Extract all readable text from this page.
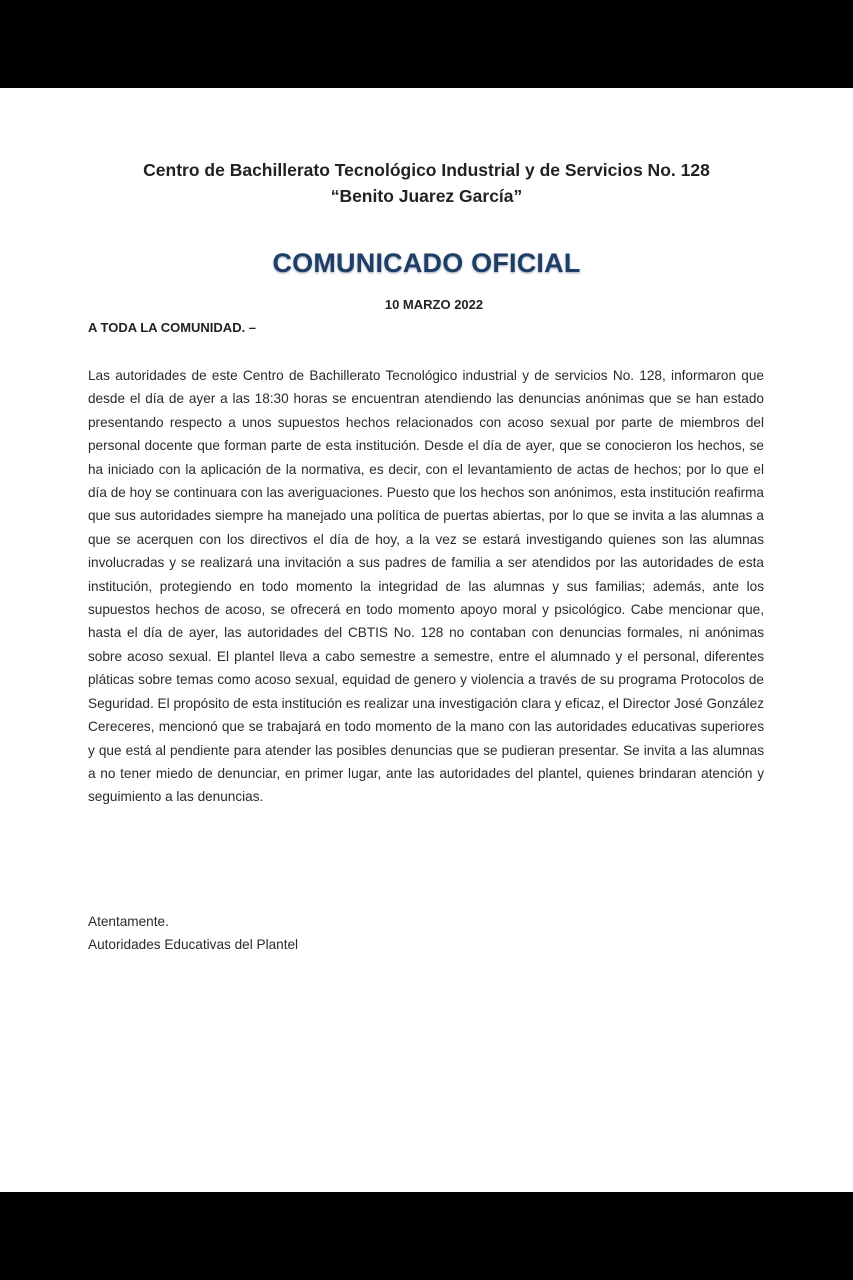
Centro de Bachillerato Tecnológico Industrial y de Servicios No. 128
“Benito Juarez García”
COMUNICADO OFICIAL
10 MARZO 2022
A TODA LA COMUNIDAD. –

Las autoridades de este Centro de Bachillerato Tecnológico industrial y de servicios No. 128, informaron que desde el día de ayer a las 18:30 horas se encuentran atendiendo las denuncias anónimas que se han estado presentando respecto a unos supuestos hechos relacionados con acoso sexual por parte de miembros del personal docente que forman parte de esta institución. Desde el día de ayer, que se conocieron los hechos, se ha iniciado con la aplicación de la normativa, es decir, con el levantamiento de actas de hechos; por lo que el día de hoy se continuara con las averiguaciones. Puesto que los hechos son anónimos, esta institución reafirma que sus autoridades siempre ha manejado una política de puertas abiertas, por lo que se invita a las alumnas a que se acerquen con los directivos el día de hoy, a la vez se estará investigando quienes son las alumnas involucradas y se realizará una invitación a sus padres de familia a ser atendidos por las autoridades de esta institución, protegiendo en todo momento la integridad de las alumnas y sus familias; además, ante los supuestos hechos de acoso, se ofrecerá en todo momento apoyo moral y psicológico. Cabe mencionar que, hasta el día de ayer, las autoridades del CBTIS No. 128 no contaban con denuncias formales, ni anónimas sobre acoso sexual. El plantel lleva a cabo semestre a semestre, entre el alumnado y el personal, diferentes pláticas sobre temas como acoso sexual, equidad de genero y violencia a través de su programa Protocolos de Seguridad. El propósito de esta institución es realizar una investigación clara y eficaz, el Director José González Cereceres, mencionó que se trabajará en todo momento de la mano con las autoridades educativas superiores y que está al pendiente para atender las posibles denuncias que se pudieran presentar. Se invita a las alumnas a no tener miedo de denunciar, en primer lugar, ante las autoridades del plantel, quienes brindaran atención y seguimiento a las denuncias.

Atentamente.
Autoridades Educativas del Plantel
